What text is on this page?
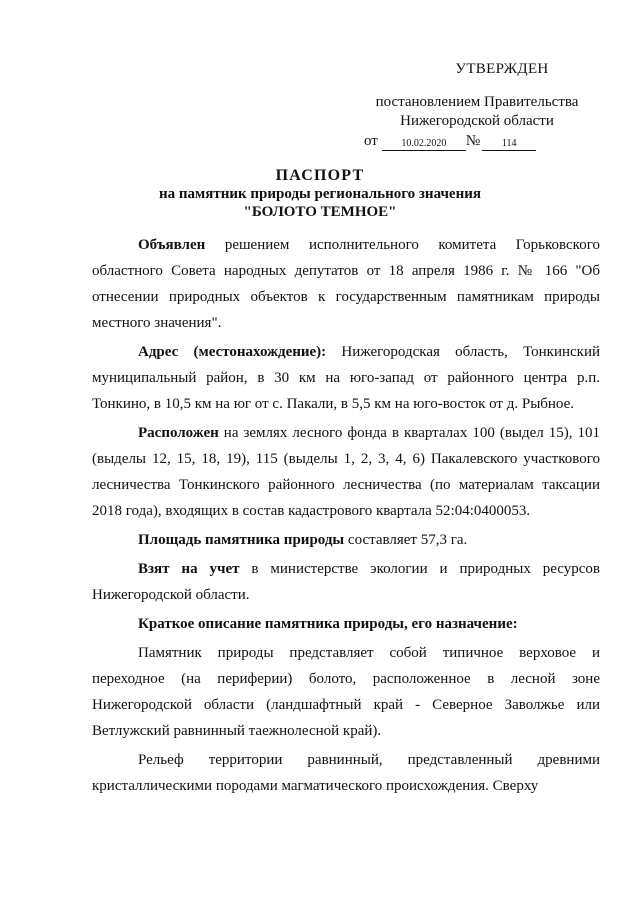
УТВЕРЖДЕН
постановлением Правительства
Нижегородской области
от	10.02.2020	№	114
ПАСПОРТ
на памятник природы регионального значения
"БОЛОТО ТЕМНОЕ"

Объявлен решением исполнительного комитета Горьковского областного Совета народных депутатов от 18 апреля 1986 г. № 166 "Об отнесении природных объектов к государственным памятникам природы местного значения".

Адрес (местонахождение): Нижегородская область, Тонкинский муниципальный район, в 30 км на юго-запад от районного центра р.п. Тонкино, в 10,5 км на юг от с. Пакали, в 5,5 км на юго-восток от д. Рыбное.

Расположен на землях лесного фонда в кварталах 100 (выдел 15), 101 (выделы 12, 15, 18, 19), 115 (выделы 1, 2, 3, 4, 6) Пакалевского участкового лесничества Тонкинского районного лесничества (по материалам таксации 2018 года), входящих в состав кадастрового квартала 52:04:0400053.

Площадь памятника природы составляет 57,3 га.

Взят на учет в министерстве экологии и природных ресурсов Нижегородской области.

Краткое описание памятника природы, его назначение:

Памятник природы представляет собой типичное верховое и переходное (на периферии) болото, расположенное в лесной зоне Нижегородской области (ландшафтный край - Северное Заволжье или Ветлужский равнинный таежнолесной край).

Рельеф территории равнинный, представленный древними кристаллическими породами магматического происхождения. Сверху
